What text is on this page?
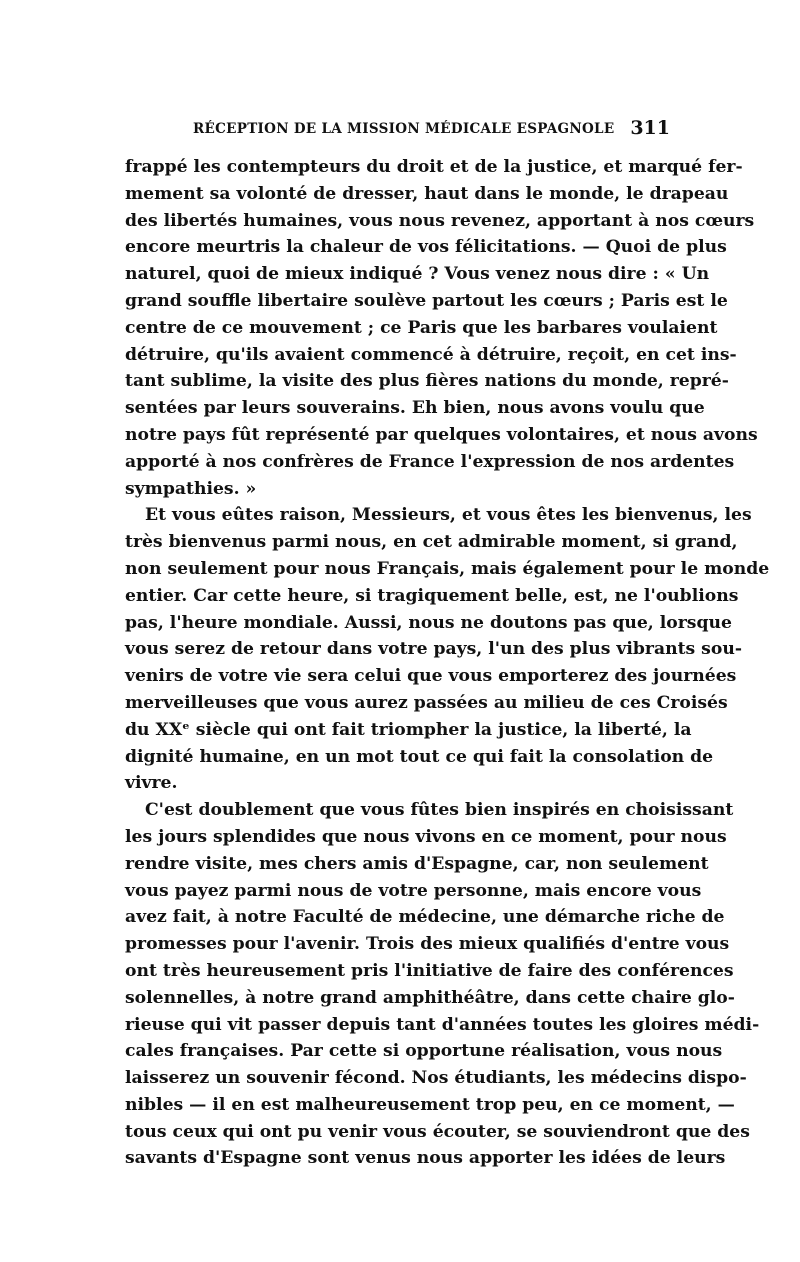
RÉCEPTION DE LA MISSION MÉDICALE ESPAGNOLE 311
frappé les contempteurs du droit et de la justice, et marqué fer-
mement sa volonté de dresser, haut dans le monde, le drapeau
des libertés humaines, vous nous revenez, apportant à nos cœurs
encore meurtris la chaleur de vos félicitations. — Quoi de plus
naturel, quoi de mieux indiqué ? Vous venez nous dire : « Un
grand souffle libertaire soulève partout les cœurs ; Paris est le
centre de ce mouvement ; ce Paris que les barbares voulaient
détruire, qu'ils avaient commencé à détruire, reçoit, en cet ins-
tant sublime, la visite des plus fières nations du monde, repré-
sentées par leurs souverains. Eh bien, nous avons voulu que
notre pays fût représenté par quelques volontaires, et nous avons
apporté à nos confrères de France l'expression de nos ardentes
sympathies. »
Et vous eûtes raison, Messieurs, et vous êtes les bienvenus, les
très bienvenus parmi nous, en cet admirable moment, si grand,
non seulement pour nous Français, mais également pour le monde
entier. Car cette heure, si tragiquement belle, est, ne l'oublions
pas, l'heure mondiale. Aussi, nous ne doutons pas que, lorsque
vous serez de retour dans votre pays, l'un des plus vibrants sou-
venirs de votre vie sera celui que vous emporterez des journées
merveilleuses que vous aurez passées au milieu de ces Croisés
du XXᵉ siècle qui ont fait triompher la justice, la liberté, la
dignité humaine, en un mot tout ce qui fait la consolation de
vivre.
C'est doublement que vous fûtes bien inspirés en choisissant
les jours splendides que nous vivons en ce moment, pour nous
rendre visite, mes chers amis d'Espagne, car, non seulement
vous payez parmi nous de votre personne, mais encore vous
avez fait, à notre Faculté de médecine, une démarche riche de
promesses pour l'avenir. Trois des mieux qualifiés d'entre vous
ont très heureusement pris l'initiative de faire des conférences
solennelles, à notre grand amphithéâtre, dans cette chaire glo-
rieuse qui vit passer depuis tant d'années toutes les gloires médi-
cales françaises. Par cette si opportune réalisation, vous nous
laisserez un souvenir fécond. Nos étudiants, les médecins dispo-
nibles — il en est malheureusement trop peu, en ce moment, —
tous ceux qui ont pu venir vous écouter, se souviendront que des
savants d'Espagne sont venus nous apporter les idées de leurs
